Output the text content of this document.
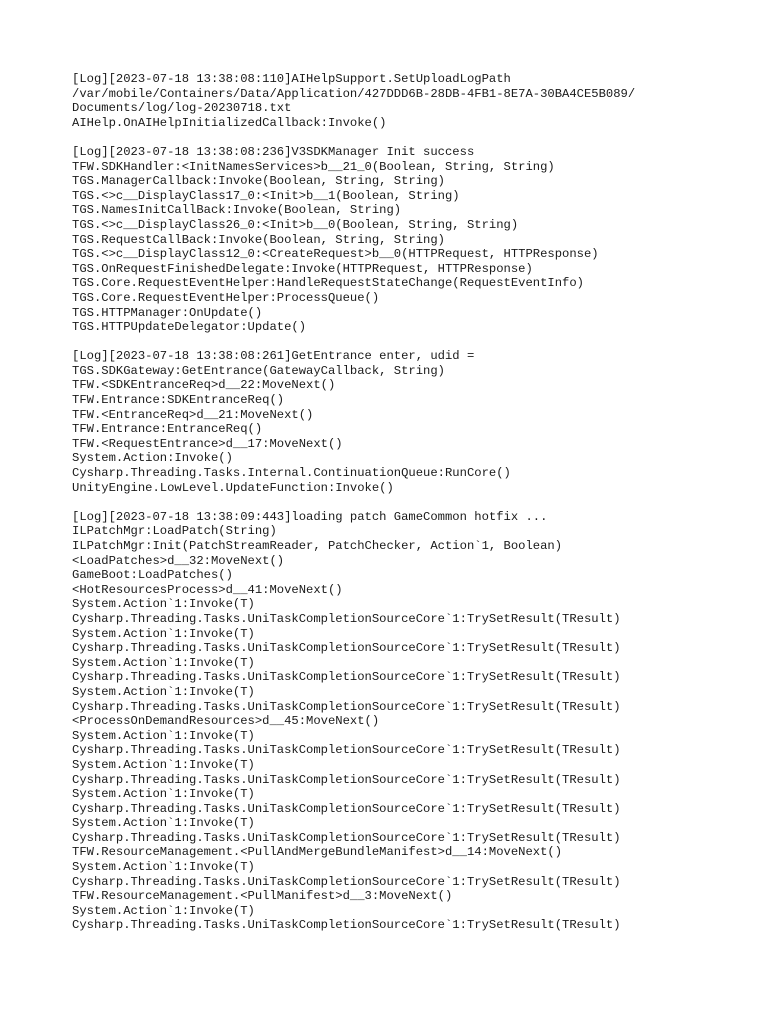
[Log][2023-07-18 13:38:08:110]AIHelpSupport.SetUploadLogPath
/var/mobile/Containers/Data/Application/427DDD6B-28DB-4FB1-8E7A-30BA4CE5B089/
Documents/log/log-20230718.txt
AIHelp.OnAIHelpInitializedCallback:Invoke()
[Log][2023-07-18 13:38:08:236]V3SDKManager Init success
TFW.SDKHandler:<InitNamesServices>b__21_0(Boolean, String, String)
TGS.ManagerCallback:Invoke(Boolean, String, String)
TGS.<>c__DisplayClass17_0:<Init>b__1(Boolean, String)
TGS.NamesInitCallBack:Invoke(Boolean, String)
TGS.<>c__DisplayClass26_0:<Init>b__0(Boolean, String, String)
TGS.RequestCallBack:Invoke(Boolean, String, String)
TGS.<>c__DisplayClass12_0:<CreateRequest>b__0(HTTPRequest, HTTPResponse)
TGS.OnRequestFinishedDelegate:Invoke(HTTPRequest, HTTPResponse)
TGS.Core.RequestEventHelper:HandleRequestStateChange(RequestEventInfo)
TGS.Core.RequestEventHelper:ProcessQueue()
TGS.HTTPManager:OnUpdate()
TGS.HTTPUpdateDelegator:Update()
[Log][2023-07-18 13:38:08:261]GetEntrance enter, udid =
TGS.SDKGateway:GetEntrance(GatewayCallback, String)
TFW.<SDKEntranceReq>d__22:MoveNext()
TFW.Entrance:SDKEntranceReq()
TFW.<EntranceReq>d__21:MoveNext()
TFW.Entrance:EntranceReq()
TFW.<RequestEntrance>d__17:MoveNext()
System.Action:Invoke()
Cysharp.Threading.Tasks.Internal.ContinuationQueue:RunCore()
UnityEngine.LowLevel.UpdateFunction:Invoke()
[Log][2023-07-18 13:38:09:443]loading patch GameCommon hotfix ...
ILPatchMgr:LoadPatch(String)
ILPatchMgr:Init(PatchStreamReader, PatchChecker, Action`1, Boolean)
<LoadPatches>d__32:MoveNext()
GameBoot:LoadPatches()
<HotResourcesProcess>d__41:MoveNext()
System.Action`1:Invoke(T)
Cysharp.Threading.Tasks.UniTaskCompletionSourceCore`1:TrySetResult(TResult)
System.Action`1:Invoke(T)
Cysharp.Threading.Tasks.UniTaskCompletionSourceCore`1:TrySetResult(TResult)
System.Action`1:Invoke(T)
Cysharp.Threading.Tasks.UniTaskCompletionSourceCore`1:TrySetResult(TResult)
System.Action`1:Invoke(T)
Cysharp.Threading.Tasks.UniTaskCompletionSourceCore`1:TrySetResult(TResult)
<ProcessOnDemandResources>d__45:MoveNext()
System.Action`1:Invoke(T)
Cysharp.Threading.Tasks.UniTaskCompletionSourceCore`1:TrySetResult(TResult)
System.Action`1:Invoke(T)
Cysharp.Threading.Tasks.UniTaskCompletionSourceCore`1:TrySetResult(TResult)
System.Action`1:Invoke(T)
Cysharp.Threading.Tasks.UniTaskCompletionSourceCore`1:TrySetResult(TResult)
System.Action`1:Invoke(T)
Cysharp.Threading.Tasks.UniTaskCompletionSourceCore`1:TrySetResult(TResult)
TFW.ResourceManagement.<PullAndMergeBundleManifest>d__14:MoveNext()
System.Action`1:Invoke(T)
Cysharp.Threading.Tasks.UniTaskCompletionSourceCore`1:TrySetResult(TResult)
TFW.ResourceManagement.<PullManifest>d__3:MoveNext()
System.Action`1:Invoke(T)
Cysharp.Threading.Tasks.UniTaskCompletionSourceCore`1:TrySetResult(TResult)
